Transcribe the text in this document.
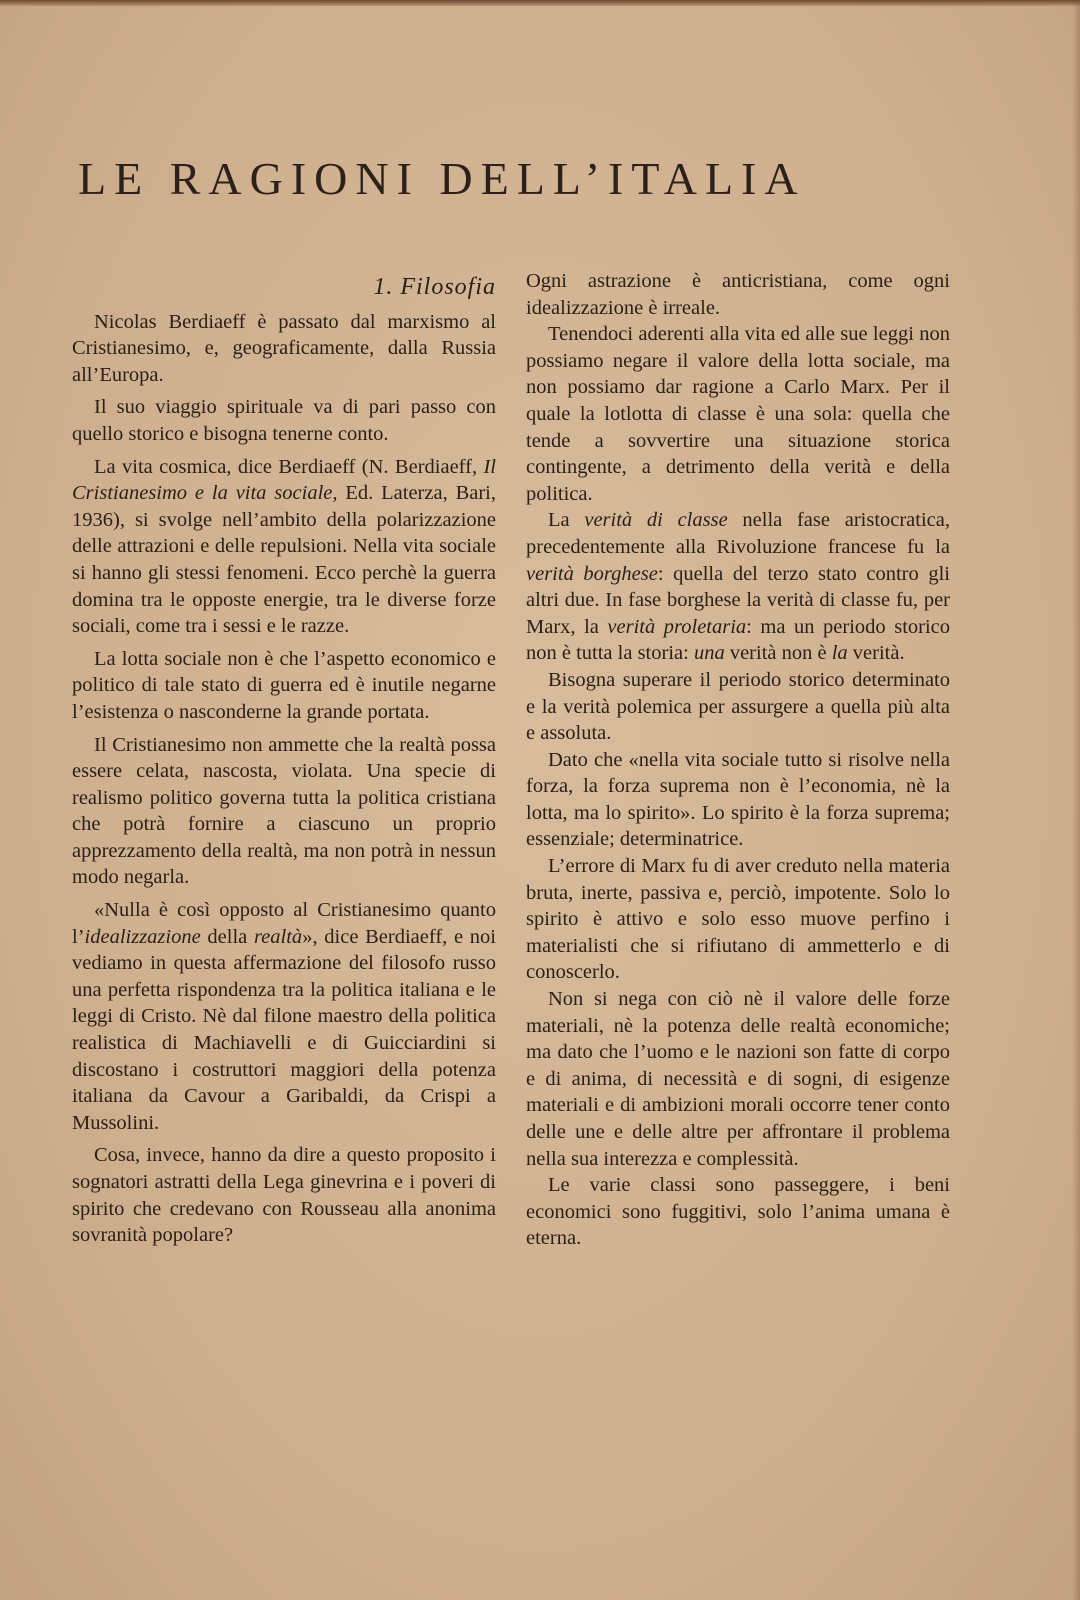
LE RAGIONI DELL’ITALIA
1. Filosofia

Nicolas Berdiaeff è passato dal marxismo al Cristianesimo, e, geograficamente, dalla Russia all’Europa.

Il suo viaggio spirituale va di pari passo con quello storico e bisogna tenerne conto.

La vita cosmica, dice Berdiaeff (N. Berdiaeff, Il Cristianesimo e la vita sociale, Ed. Laterza, Bari, 1936), si svolge nell’ambito della polarizzazione delle attrazioni e delle repulsioni. Nella vita sociale si hanno gli stessi fenomeni. Ecco perchè la guerra domina tra le opposte energie, tra le diverse forze sociali, come tra i sessi e le razze.

La lotta sociale non è che l’aspetto economico e politico di tale stato di guerra ed è inutile negarne l’esistenza o nasconderne la grande portata.

Il Cristianesimo non ammette che la realtà possa essere celata, nascosta, violata. Una specie di realismo politico governa tutta la politica cristiana che potrà fornire a ciascuno un proprio apprezzamento della realtà, ma non potrà in nessun modo negarla.

«Nulla è così opposto al Cristianesimo quanto l’idealizzazione della realtà», dice Berdiaeff, e noi vediamo in questa affermazione del filosofo russo una perfetta rispondenza tra la politica italiana e le leggi di Cristo. Nè dal filone maestro della politica realistica di Machiavelli e di Guicciardini si discostano i costruttori maggiori della potenza italiana da Cavour a Garibaldi, da Crispi a Mussolini.

Cosa, invece, hanno da dire a questo proposito i sognatori astratti della Lega ginevrina e i poveri di spirito che credevano con Rousseau alla anonima sovranità popolare?

Ogni astrazione è anticristiana, come ogni idealizzazione è irreale.

Tenendoci aderenti alla vita ed alle sue leggi non possiamo negare il valore della lotta sociale, ma non possiamo dar ragione a Carlo Marx. Per il quale la lotlotta di classe è una sola: quella che tende a sovvertire una situazione storica contingente, a detrimento della verità e della politica.

La verità di classe nella fase aristocratica, precedentemente alla Rivoluzione francese fu la verità borghese: quella del terzo stato contro gli altri due. In fase borghese la verità di classe fu, per Marx, la verità proletaria: ma un periodo storico non è tutta la storia: una verità non è la verità.

Bisogna superare il periodo storico determinato e la verità polemica per assurgere a quella più alta e assoluta.

Dato che «nella vita sociale tutto si risolve nella forza, la forza suprema non è l’economia, nè la lotta, ma lo spirito». Lo spirito è la forza suprema; essenziale; determinatrice.

L’errore di Marx fu di aver creduto nella materia bruta, inerte, passiva e, perciò, impotente. Solo lo spirito è attivo e solo esso muove perfino i materialisti che si rifiutano di ammetterlo e di conoscerlo.

Non si nega con ciò nè il valore delle forze materiali, nè la potenza delle realtà economiche; ma dato che l’uomo e le nazioni son fatte di corpo e di anima, di necessità e di sogni, di esigenze materiali e di ambizioni morali occorre tener conto delle une e delle altre per affrontare il problema nella sua interezza e complessità.

Le varie classi sono passeggere, i beni economici sono fuggitivi, solo l’anima umana è eterna.
